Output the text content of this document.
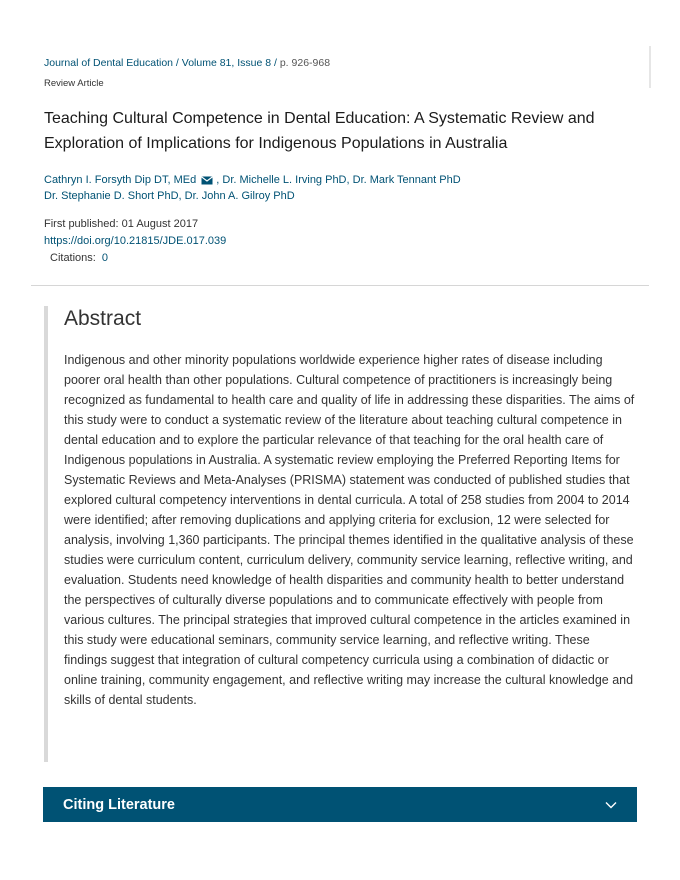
Journal of Dental Education / Volume 81, Issue 8 / p. 926-968
Review Article
Teaching Cultural Competence in Dental Education: A Systematic Review and Exploration of Implications for Indigenous Populations in Australia
Cathryn I. Forsyth Dip DT, MEd , Dr. Michelle L. Irving PhD, Dr. Mark Tennant PhD
Dr. Stephanie D. Short PhD, Dr. John A. Gilroy PhD
First published: 01 August 2017
https://doi.org/10.21815/JDE.017.039
Citations: 0
Abstract

Indigenous and other minority populations worldwide experience higher rates of disease including poorer oral health than other populations. Cultural competence of practitioners is increasingly being recognized as fundamental to health care and quality of life in addressing these disparities. The aims of this study were to conduct a systematic review of the literature about teaching cultural competence in dental education and to explore the particular relevance of that teaching for the oral health care of Indigenous populations in Australia. A systematic review employing the Preferred Reporting Items for Systematic Reviews and Meta-Analyses (PRISMA) statement was conducted of published studies that explored cultural competency interventions in dental curricula. A total of 258 studies from 2004 to 2014 were identified; after removing duplications and applying criteria for exclusion, 12 were selected for analysis, involving 1,360 participants. The principal themes identified in the qualitative analysis of these studies were curriculum content, curriculum delivery, community service learning, reflective writing, and evaluation. Students need knowledge of health disparities and community health to better understand the perspectives of culturally diverse populations and to communicate effectively with people from various cultures. The principal strategies that improved cultural competence in the articles examined in this study were educational seminars, community service learning, and reflective writing. These findings suggest that integration of cultural competency curricula using a combination of didactic or online training, community engagement, and reflective writing may increase the cultural knowledge and skills of dental students.

Citing Literature
